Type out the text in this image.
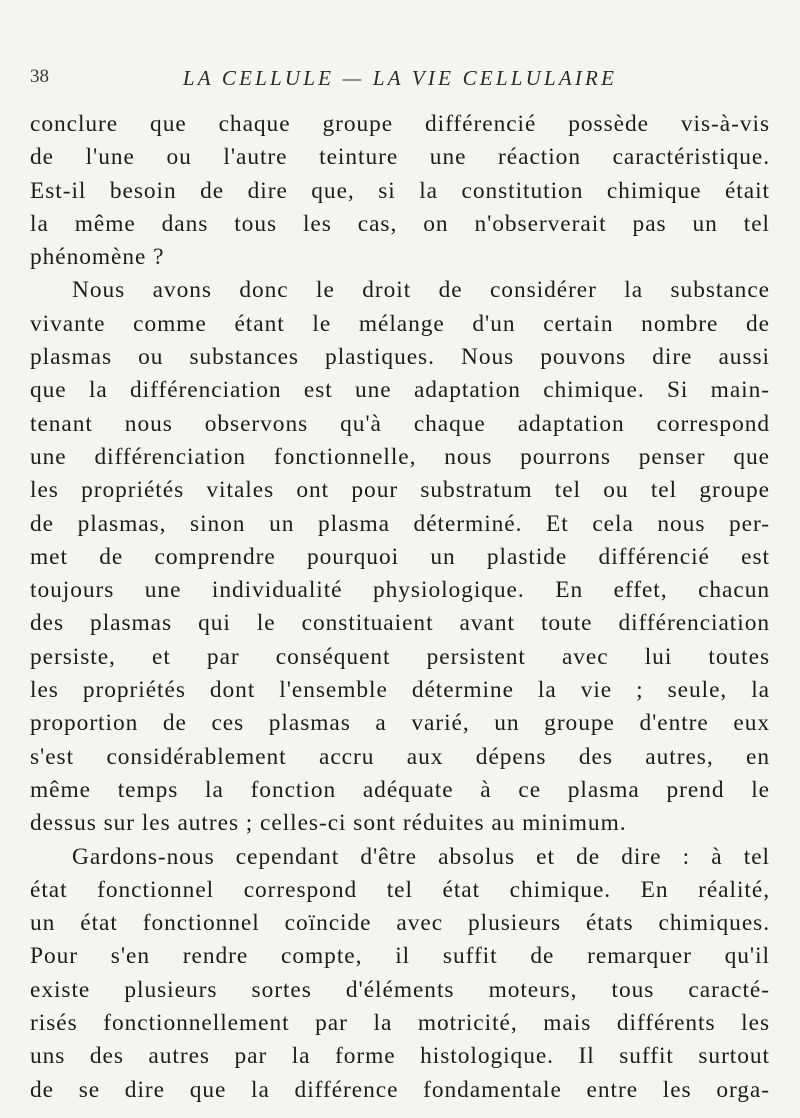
38	LA CELLULE — LA VIE CELLULAIRE
conclure que chaque groupe différencié possède vis-à-vis
de l'une ou l'autre teinture une réaction caractéristique.
Est-il besoin de dire que, si la constitution chimique était
la même dans tous les cas, on n'observerait pas un tel
phénomène ?
Nous avons donc le droit de considérer la substance
vivante comme étant le mélange d'un certain nombre de
plasmas ou substances plastiques. Nous pouvons dire aussi
que la différenciation est une adaptation chimique. Si main-
tenant nous observons qu'à chaque adaptation correspond
une différenciation fonctionnelle, nous pourrons penser que
les propriétés vitales ont pour substratum tel ou tel groupe
de plasmas, sinon un plasma déterminé. Et cela nous per-
met de comprendre pourquoi un plastide différencié est
toujours une individualité physiologique. En effet, chacun
des plasmas qui le constituaient avant toute différenciation
persiste, et par conséquent persistent avec lui toutes
les propriétés dont l'ensemble détermine la vie ; seule, la
proportion de ces plasmas a varié, un groupe d'entre eux
s'est considérablement accru aux dépens des autres, en
même temps la fonction adéquate à ce plasma prend le
dessus sur les autres ; celles-ci sont réduites au minimum.
Gardons-nous cependant d'être absolus et de dire : à tel
état fonctionnel correspond tel état chimique. En réalité,
un état fonctionnel coïncide avec plusieurs états chimiques.
Pour s'en rendre compte, il suffit de remarquer qu'il
existe plusieurs sortes d'éléments moteurs, tous caracté-
risés fonctionnellement par la motricité, mais différents les
uns des autres par la forme histologique. Il suffit surtout
de se dire que la différence fondamentale entre les orga-
